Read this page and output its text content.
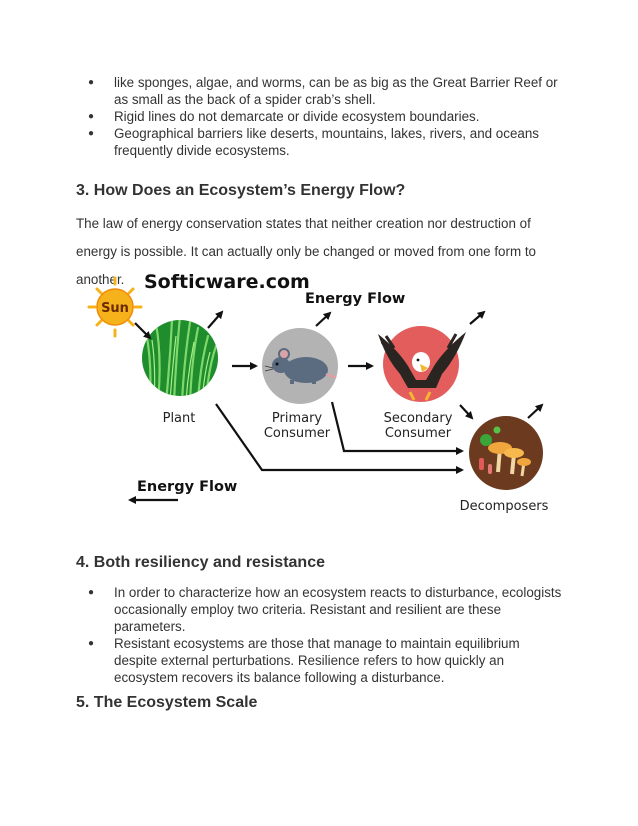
● like sponges, algae, and worms, can be as big as the Great Barrier Reef or as small as the back of a spider crab’s shell.
● Rigid lines do not demarcate or divide ecosystem boundaries.
● Geographical barriers like deserts, mountains, lakes, rivers, and oceans frequently divide ecosystems.
3. How Does an Ecosystem’s Energy Flow?

The law of energy conservation states that neither creation nor destruction of energy is possible. It can actually only be changed or moved from one form to another.	Softicware.com
Sun
Energy Flow
Plant	Primary
Consumer
Secondary
Consumer
Decomposers
Energy Flow
4. Both resiliency and resistance
● In order to characterize how an ecosystem reacts to disturbance, ecologists occasionally employ two criteria. Resistant and resilient are these parameters.
● Resistant ecosystems are those that manage to maintain equilibrium despite external perturbations. Resilience refers to how quickly an ecosystem recovers its balance following a disturbance.
5. The Ecosystem Scale
